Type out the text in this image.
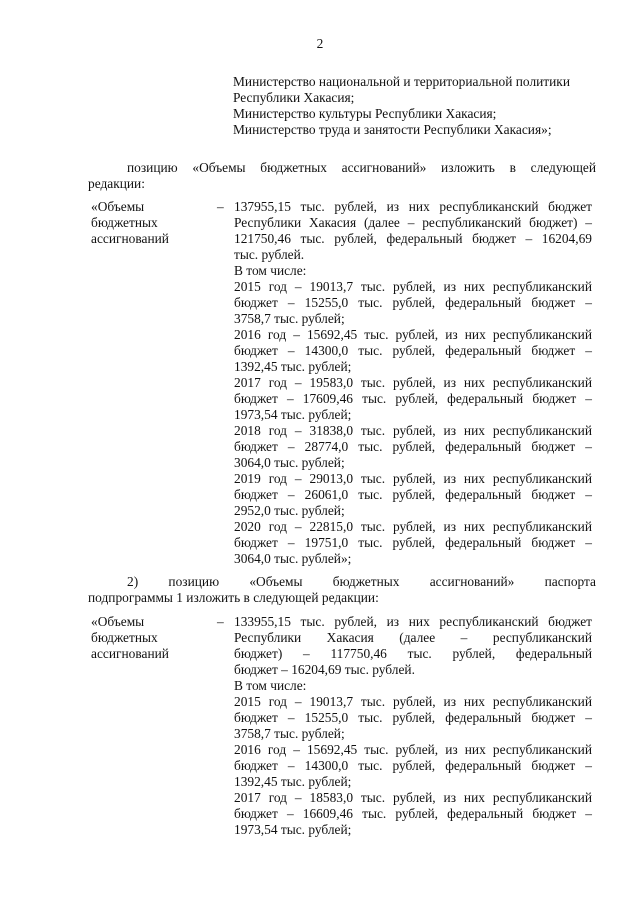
2
Министерство национальной и территориальной политики
Республики Хакасия;
Министерство культуры Республики Хакасия;
Министерство труда и занятости Республики Хакасия»;
позицию «Объемы бюджетных ассигнований» изложить в следующей
редакции:
«Объемы
бюджетных
ассигнований
– 137955,15 тыс. рублей, из них республиканский бюджет
Республики Хакасия (далее – республиканский бюджет) –
121750,46 тыс. рублей, федеральный бюджет – 16204,69
тыс. рублей.
В том числе:
2015 год – 19013,7 тыс. рублей, из них республиканский
бюджет – 15255,0 тыс. рублей, федеральный бюджет –
3758,7 тыс. рублей;
2016 год – 15692,45 тыс. рублей, из них республиканский
бюджет – 14300,0 тыс. рублей, федеральный бюджет –
1392,45 тыс. рублей;
2017 год – 19583,0 тыс. рублей, из них республиканский
бюджет – 17609,46 тыс. рублей, федеральный бюджет –
1973,54 тыс. рублей;
2018 год – 31838,0 тыс. рублей, из них республиканский
бюджет – 28774,0 тыс. рублей, федеральный бюджет –
3064,0 тыс. рублей;
2019 год – 29013,0 тыс. рублей, из них республиканский
бюджет – 26061,0 тыс. рублей, федеральный бюджет –
2952,0 тыс. рублей;
2020 год – 22815,0 тыс. рублей, из них республиканский
бюджет – 19751,0 тыс. рублей, федеральный бюджет –
3064,0 тыс. рублей»;
2) позицию «Объемы бюджетных ассигнований» паспорта
подпрограммы 1 изложить в следующей редакции:
«Объемы
бюджетных
ассигнований
– 133955,15 тыс. рублей, из них республиканский бюджет
Республики Хакасия (далее – республиканский
бюджет) – 117750,46 тыс. рублей, федеральный
бюджет – 16204,69 тыс. рублей.
В том числе:
2015 год – 19013,7 тыс. рублей, из них республиканский
бюджет – 15255,0 тыс. рублей, федеральный бюджет –
3758,7 тыс. рублей;
2016 год – 15692,45 тыс. рублей, из них республиканский
бюджет – 14300,0 тыс. рублей, федеральный бюджет –
1392,45 тыс. рублей;
2017 год – 18583,0 тыс. рублей, из них республиканский
бюджет – 16609,46 тыс. рублей, федеральный бюджет –
1973,54 тыс. рублей;
